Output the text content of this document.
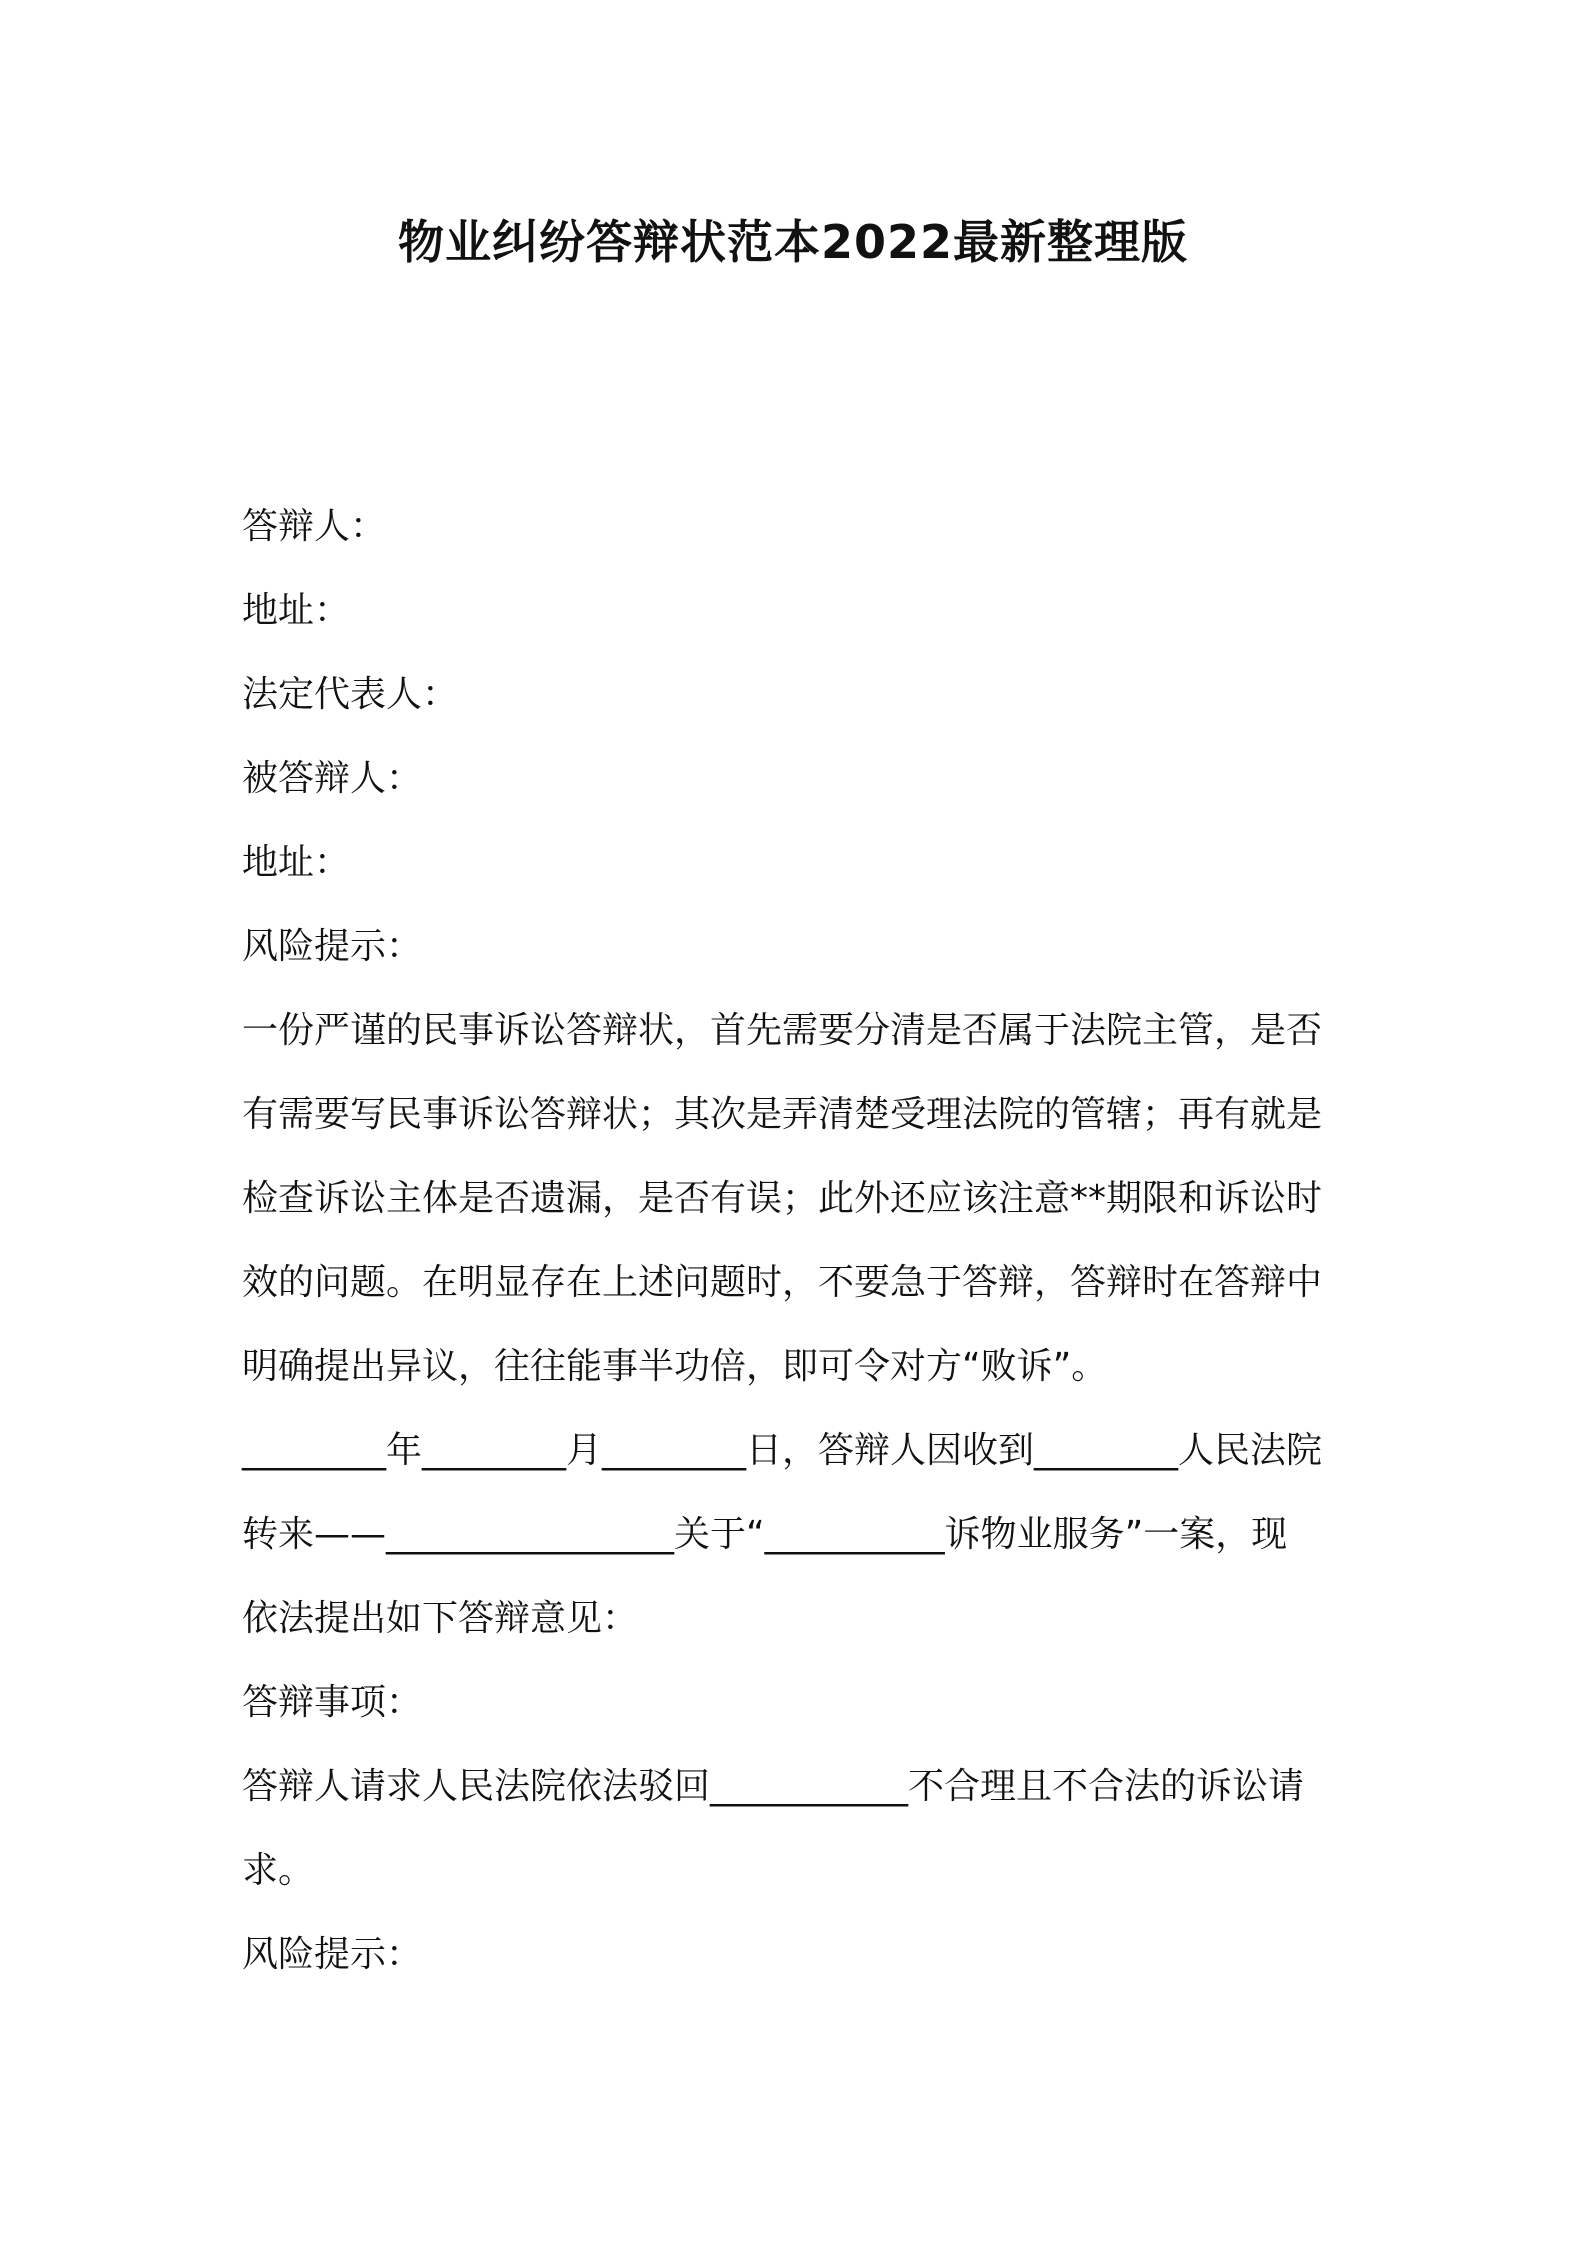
物业纠纷答辩状范本2022最新整理版
答辩人：
地址：
法定代表人：
被答辩人：
地址：
风险提示：
一份严谨的民事诉讼答辩状，首先需要分清是否属于法院主管，是否
有需要写民事诉讼答辩状；其次是弄清楚受理法院的管辖；再有就是
检查诉讼主体是否遗漏，是否有误；此外还应该注意**期限和诉讼时
效的问题。在明显存在上述问题时，不要急于答辩，答辩时在答辩中
明确提出异议，往往能事半功倍，即可令对方“败诉”。
________年________月________日，答辩人因收到________人民法院
转来——________________关于“__________诉物业服务”一案，现
依法提出如下答辩意见：
答辩事项：
答辩人请求人民法院依法驳回___________不合理且不合法的诉讼请
求。
风险提示：
